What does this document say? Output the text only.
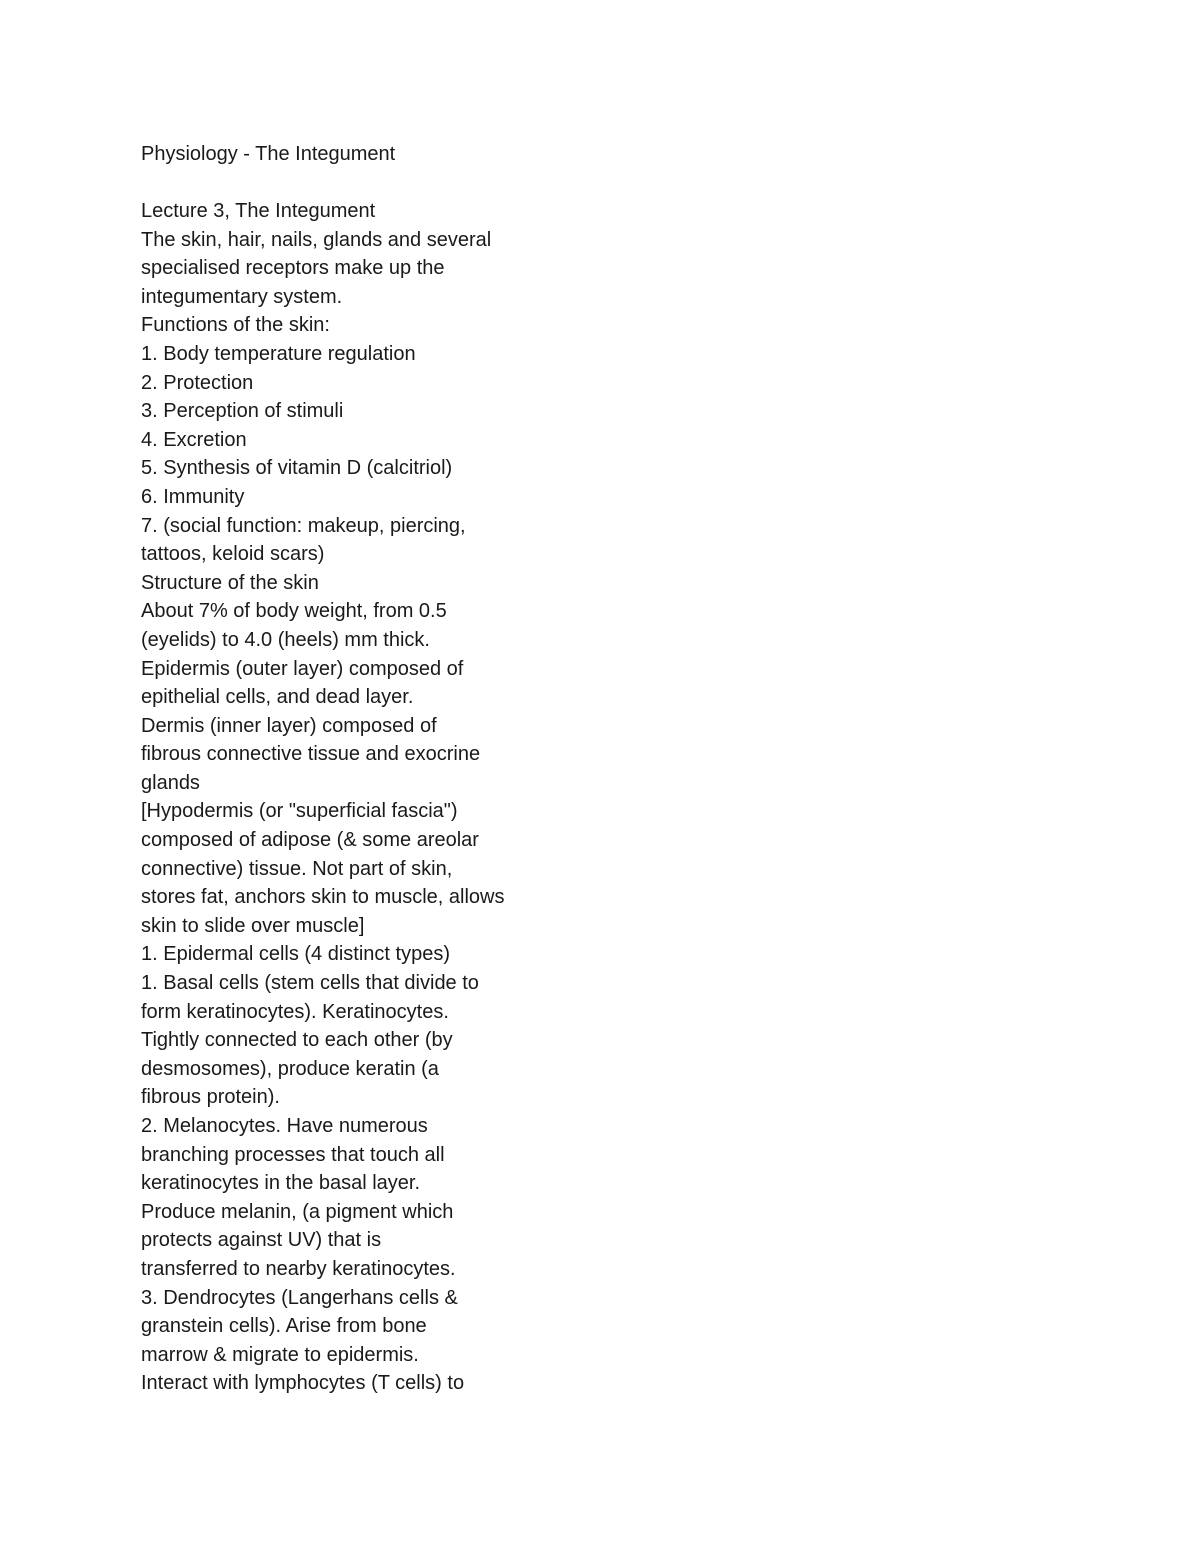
Physiology - The Integument
Lecture 3, The Integument
The skin, hair, nails, glands and several
specialised receptors make up the
integumentary system.
Functions of the skin:
1. Body temperature regulation
2. Protection
3. Perception of stimuli
4. Excretion
5. Synthesis of vitamin D (calcitriol)
6. Immunity
7. (social function: makeup, piercing,
tattoos, keloid scars)
Structure of the skin
About 7% of body weight, from 0.5
(eyelids) to 4.0 (heels) mm thick.
Epidermis (outer layer) composed of
epithelial cells, and dead layer.
Dermis (inner layer) composed of
fibrous connective tissue and exocrine
glands
[Hypodermis (or "superficial fascia")
composed of adipose (& some areolar
connective) tissue. Not part of skin,
stores fat, anchors skin to muscle, allows
skin to slide over muscle]
1. Epidermal cells (4 distinct types)
1. Basal cells (stem cells that divide to
form keratinocytes). Keratinocytes.
Tightly connected to each other (by
desmosomes), produce keratin (a
fibrous protein).
2. Melanocytes. Have numerous
branching processes that touch all
keratinocytes in the basal layer.
Produce melanin, (a pigment which
protects against UV) that is
transferred to nearby keratinocytes.
3. Dendrocytes (Langerhans cells &
granstein cells). Arise from bone
marrow & migrate to epidermis.
Interact with lymphocytes (T cells) to
